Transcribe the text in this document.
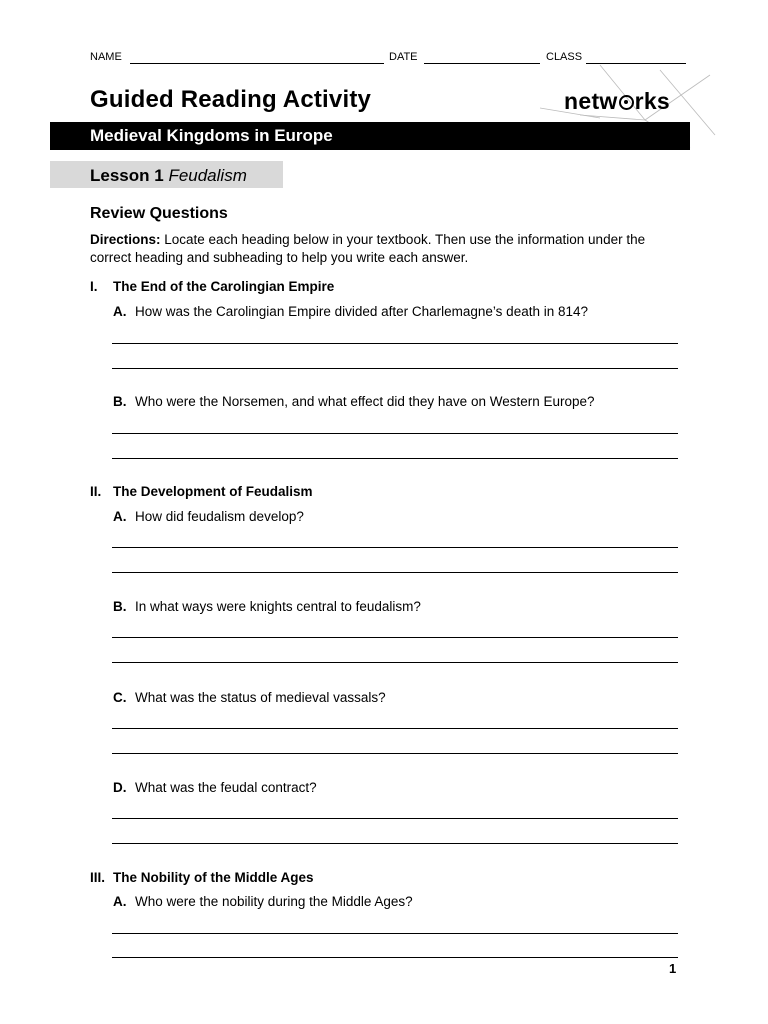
NAME	DATE	CLASS
Guided Reading Activity	netw rks
Medieval Kingdoms in Europe
Lesson 1 Feudalism
Review Questions
Directions: Locate each heading below in your textbook. Then use the information under the correct heading and subheading to help you write each answer.
I. The End of the Carolingian Empire
A. How was the Carolingian Empire divided after Charlemagne’s death in 814?
B. Who were the Norsemen, and what effect did they have on Western Europe?
II. The Development of Feudalism
A. How did feudalism develop?
B. In what ways were knights central to feudalism?
C. What was the status of medieval vassals?
D. What was the feudal contract?
III. The Nobility of the Middle Ages
A. Who were the nobility during the Middle Ages?
1
